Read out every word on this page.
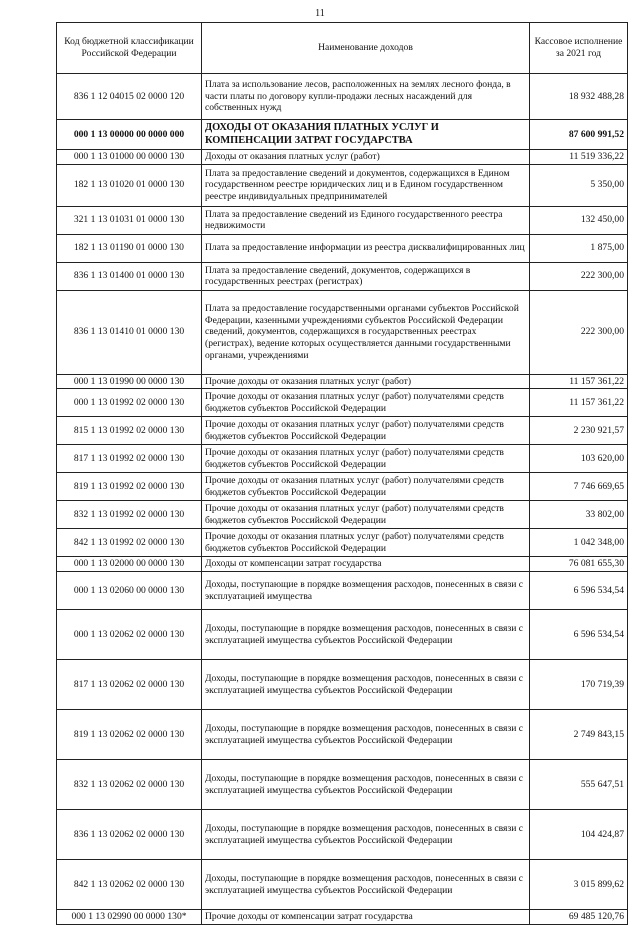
11
Код бюджетной классификации Российской Федерации	Наименование доходов	Кассовое исполнение за 2021 год
836 1 12 04015 02 0000 120	Плата за использование лесов, расположенных на землях лесного фонда, в части платы по договору купли-продажи лесных насаждений для собственных нужд	18 932 488,28
000 1 13 00000 00 0000 000	ДОХОДЫ ОТ ОКАЗАНИЯ ПЛАТНЫХ УСЛУГ И КОМПЕНСАЦИИ ЗАТРАТ ГОСУДАРСТВА	87 600 991,52
000 1 13 01000 00 0000 130	Доходы от оказания платных услуг (работ)	11 519 336,22
182 1 13 01020 01 0000 130	Плата за предоставление сведений и документов, содержащихся в Едином государственном реестре юридических лиц и в Едином государственном реестре индивидуальных предпринимателей	5 350,00
321 1 13 01031 01 0000 130	Плата за предоставление сведений из Единого государственного реестра недвижимости	132 450,00
182 1 13 01190 01 0000 130	Плата за предоставление информации из реестра дисквалифицированных лиц	1 875,00
836 1 13 01400 01 0000 130	Плата за предоставление сведений, документов, содержащихся в государственных реестрах (регистрах)	222 300,00
836 1 13 01410 01 0000 130	Плата за предоставление государственными органами субъектов Российской Федерации, казенными учреждениями субъектов Российской Федерации сведений, документов, содержащихся в государственных реестрах (регистрах), ведение которых осуществляется данными государственными органами, учреждениями	222 300,00
000 1 13 01990 00 0000 130	Прочие доходы от оказания платных услуг (работ)	11 157 361,22
000 1 13 01992 02 0000 130	Прочие доходы от оказания платных услуг (работ) получателями средств бюджетов субъектов Российской Федерации	11 157 361,22
815 1 13 01992 02 0000 130	Прочие доходы от оказания платных услуг (работ) получателями средств бюджетов субъектов Российской Федерации	2 230 921,57
817 1 13 01992 02 0000 130	Прочие доходы от оказания платных услуг (работ) получателями средств бюджетов субъектов Российской Федерации	103 620,00
819 1 13 01992 02 0000 130	Прочие доходы от оказания платных услуг (работ) получателями средств бюджетов субъектов Российской Федерации	7 746 669,65
832 1 13 01992 02 0000 130	Прочие доходы от оказания платных услуг (работ) получателями средств бюджетов субъектов Российской Федерации	33 802,00
842 1 13 01992 02 0000 130	Прочие доходы от оказания платных услуг (работ) получателями средств бюджетов субъектов Российской Федерации	1 042 348,00
000 1 13 02000 00 0000 130	Доходы от компенсации затрат государства	76 081 655,30
000 1 13 02060 00 0000 130	Доходы, поступающие в порядке возмещения расходов, понесенных в связи с эксплуатацией имущества	6 596 534,54
000 1 13 02062 02 0000 130	Доходы, поступающие в порядке возмещения расходов, понесенных в связи с эксплуатацией имущества субъектов Российской Федерации	6 596 534,54
817 1 13 02062 02 0000 130	Доходы, поступающие в порядке возмещения расходов, понесенных в связи с эксплуатацией имущества субъектов Российской Федерации	170 719,39
819 1 13 02062 02 0000 130	Доходы, поступающие в порядке возмещения расходов, понесенных в связи с эксплуатацией имущества субъектов Российской Федерации	2 749 843,15
832 1 13 02062 02 0000 130	Доходы, поступающие в порядке возмещения расходов, понесенных в связи с эксплуатацией имущества субъектов Российской Федерации	555 647,51
836 1 13 02062 02 0000 130	Доходы, поступающие в порядке возмещения расходов, понесенных в связи с эксплуатацией имущества субъектов Российской Федерации	104 424,87
842 1 13 02062 02 0000 130	Доходы, поступающие в порядке возмещения расходов, понесенных в связи с эксплуатацией имущества субъектов Российской Федерации	3 015 899,62
000 1 13 02990 00 0000 130*	Прочие доходы от компенсации затрат государства	69 485 120,76
